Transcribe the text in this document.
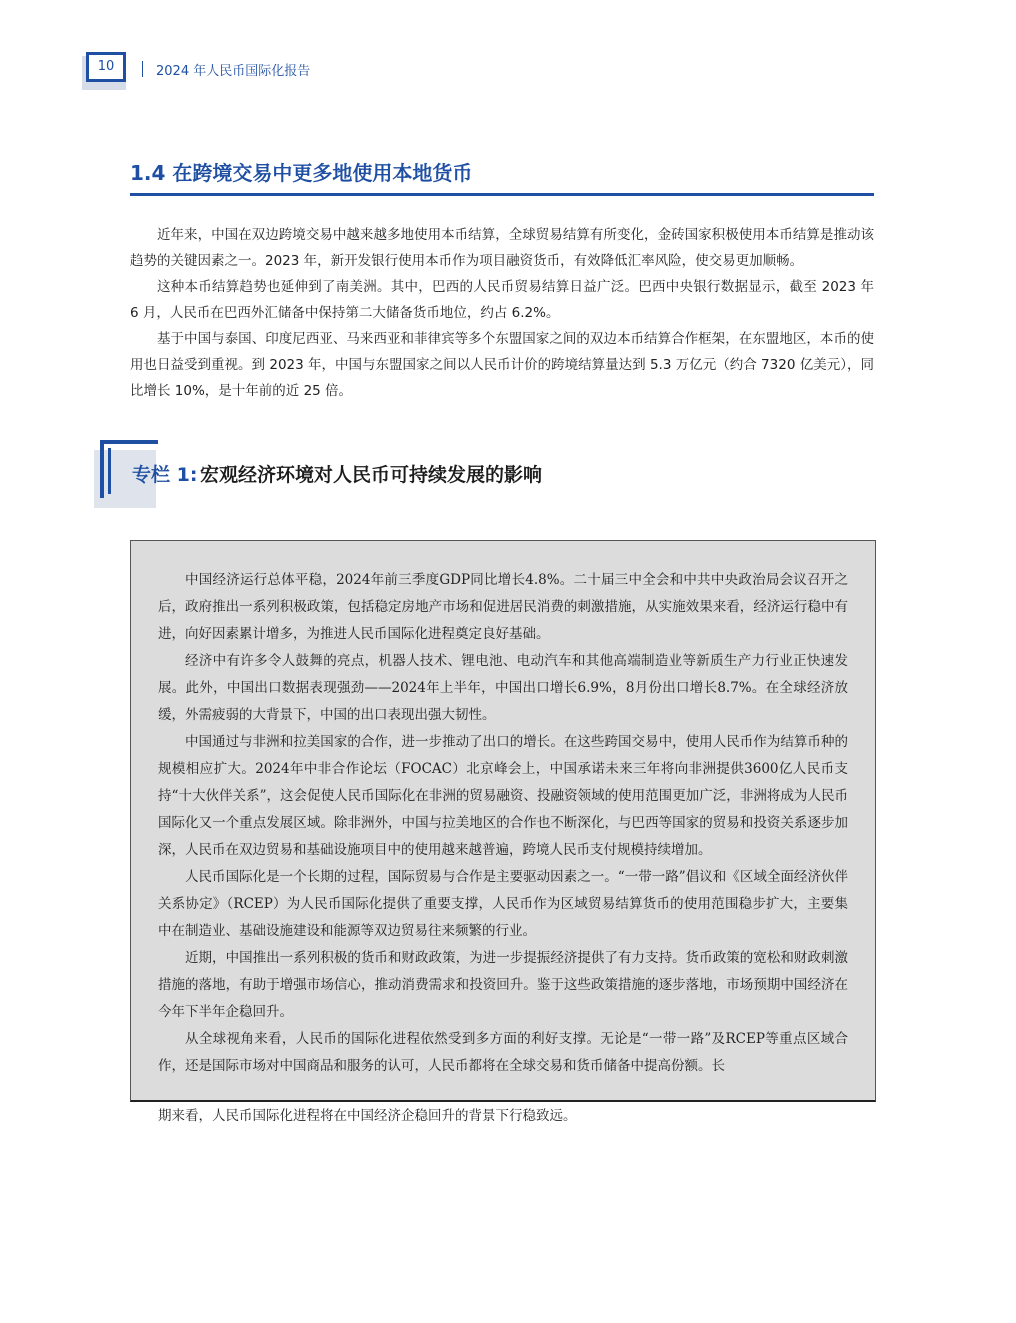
10	2024 年人民币国际化报告
1.4 在跨境交易中更多地使用本地货币

近年来，中国在双边跨境交易中越来越多地使用本币结算，全球贸易结算有所变化，金砖国家积极使用本币结算是推动该趋势的关键因素之一。2023 年，新开发银行使用本币作为项目融资货币，有效降低汇率风险，使交易更加顺畅。

这种本币结算趋势也延伸到了南美洲。其中，巴西的人民币贸易结算日益广泛。巴西中央银行数据显示，截至 2023 年 6 月，人民币在巴西外汇储备中保持第二大储备货币地位，约占 6.2%。

基于中国与泰国、印度尼西亚、马来西亚和菲律宾等多个东盟国家之间的双边本币结算合作框架，在东盟地区，本币的使用也日益受到重视。到 2023 年，中国与东盟国家之间以人民币计价的跨境结算量达到 5.3 万亿元（约合 7320 亿美元），同比增长 10%，是十年前的近 25 倍。

专栏 1: 宏观经济环境对人民币可持续发展的影响

中国经济运行总体平稳，2024年前三季度GDP同比增长4.8%。二十届三中全会和中共中央政治局会议召开之后，政府推出一系列积极政策，包括稳定房地产市场和促进居民消费的刺激措施，从实施效果来看，经济运行稳中有进，向好因素累计增多，为推进人民币国际化进程奠定良好基础。

经济中有许多令人鼓舞的亮点，机器人技术、锂电池、电动汽车和其他高端制造业等新质生产力行业正快速发展。此外，中国出口数据表现强劲——2024年上半年，中国出口增长6.9%，8月份出口增长8.7%。在全球经济放缓，外需疲弱的大背景下，中国的出口表现出强大韧性。

中国通过与非洲和拉美国家的合作，进一步推动了出口的增长。在这些跨国交易中，使用人民币作为结算币种的规模相应扩大。2024年中非合作论坛（FOCAC）北京峰会上，中国承诺未来三年将向非洲提供3600亿人民币支持“十大伙伴关系”，这会促使人民币国际化在非洲的贸易融资、投融资领域的使用范围更加广泛，非洲将成为人民币国际化又一个重点发展区域。除非洲外，中国与拉美地区的合作也不断深化，与巴西等国家的贸易和投资关系逐步加深，人民币在双边贸易和基础设施项目中的使用越来越普遍，跨境人民币支付规模持续增加。

人民币国际化是一个长期的过程，国际贸易与合作是主要驱动因素之一。“一带一路”倡议和《区域全面经济伙伴关系协定》（RCEP）为人民币国际化提供了重要支撑，人民币作为区域贸易结算货币的使用范围稳步扩大，主要集中在制造业、基础设施建设和能源等双边贸易往来频繁的行业。

近期，中国推出一系列积极的货币和财政政策，为进一步提振经济提供了有力支持。货币政策的宽松和财政刺激措施的落地，有助于增强市场信心，推动消费需求和投资回升。鉴于这些政策措施的逐步落地，市场预期中国经济在今年下半年企稳回升。

从全球视角来看，人民币的国际化进程依然受到多方面的利好支撑。无论是“一带一路”及RCEP等重点区域合作，还是国际市场对中国商品和服务的认可，人民币都将在全球交易和货币储备中提高份额。长

期来看，人民币国际化进程将在中国经济企稳回升的背景下行稳致远。
